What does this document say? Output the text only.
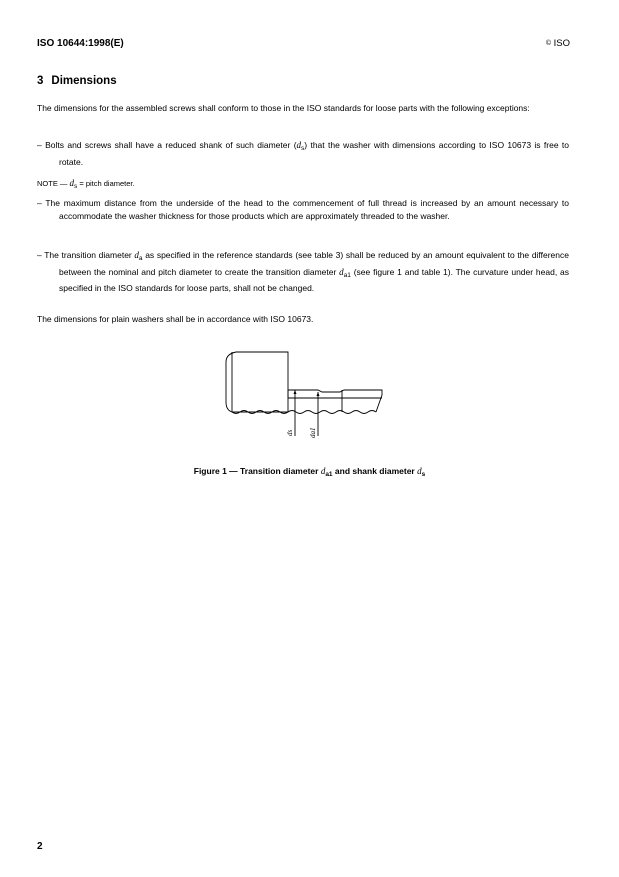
ISO 10644:1998(E)	© ISO
3 Dimensions
The dimensions for the assembled screws shall conform to those in the ISO standards for loose parts with the following exceptions:
– Bolts and screws shall have a reduced shank of such diameter $(d_s)$ that the washer with dimensions according to ISO 10673 is free to rotate.
NOTE — $d_s$ = pitch diameter.
– The maximum distance from the underside of the head to the commencement of full thread is increased by an amount necessary to accommodate the washer thickness for those products which are approximately threaded to the washer.
– The transition diameter $d_a$ as specified in the reference standards (see table 3) shall be reduced by an amount equivalent to the difference between the nominal and pitch diameter to create the transition diameter $d_{a1}$ (see figure 1 and table 1). The curvature under head, as specified in the ISO standards for loose parts, shall not be changed.
The dimensions for plain washers shall be in accordance with ISO 10673.
ds da1
Figure 1 — Transition diameter $d_{a1}$ and shank diameter $d_s$
2
